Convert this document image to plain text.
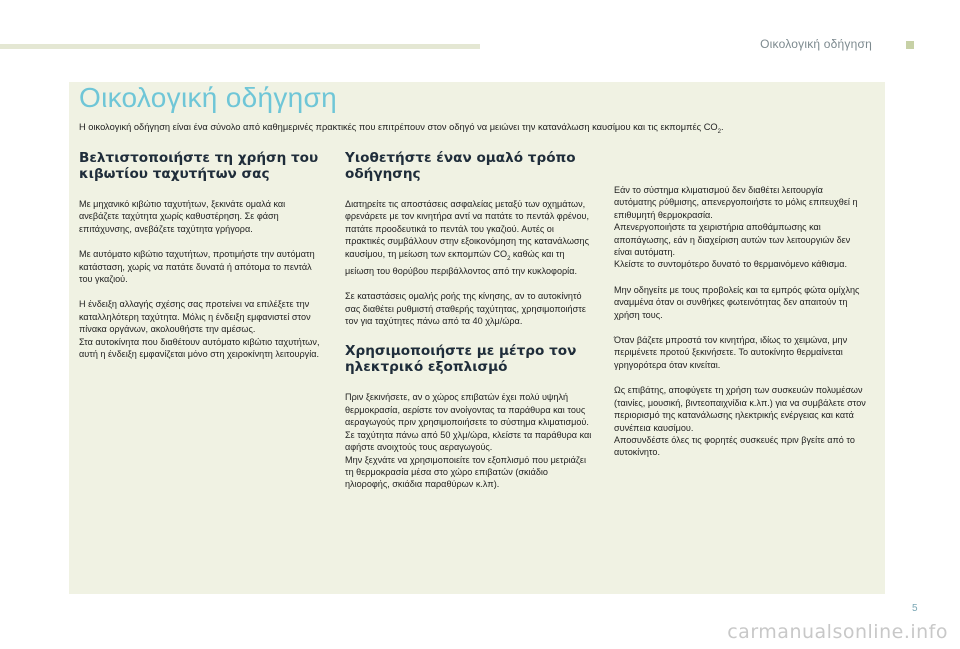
Οικολογική οδήγηση
Οικολογική οδήγηση
Η οικολογική οδήγηση είναι ένα σύνολο από καθημερινές πρακτικές που επιτρέπουν στον οδηγό να μειώνει την κατανάλωση καυσίμου και τις εκπομπές $CO_2$.
Βελτιστοποιήστε τη χρήση του κιβωτίου ταχυτήτων σας

Με μηχανικό κιβώτιο ταχυτήτων, ξεκινάτε ομαλά και ανεβάζετε ταχύτητα χωρίς καθυστέρηση. Σε φάση επιτάχυνσης, ανεβάζετε ταχύτητα γρήγορα.

Με αυτόματο κιβώτιο ταχυτήτων, προτιμήστε την αυτόματη κατάσταση, χωρίς να πατάτε δυνατά ή απότομα το πεντάλ του γκαζιού.

Η ένδειξη αλλαγής σχέσης σας προτείνει να επιλέξετε την καταλληλότερη ταχύτητα. Μόλις η ένδειξη εμφανιστεί στον πίνακα οργάνων, ακολουθήστε την αμέσως.
Στα αυτοκίνητα που διαθέτουν αυτόματο κιβώτιο ταχυτήτων, αυτή η ένδειξη εμφανίζεται μόνο στη χειροκίνητη λειτουργία.

Υιοθετήστε έναν ομαλό τρόπο οδήγησης

Διατηρείτε τις αποστάσεις ασφαλείας μεταξύ των οχημάτων, φρενάρετε με τον κινητήρα αντί να πατάτε το πεντάλ φρένου, πατάτε προοδευτικά το πεντάλ του γκαζιού. Αυτές οι πρακτικές συμβάλλουν στην εξοικονόμηση της κατανάλωσης καυσίμου, τη μείωση των εκπομπών $CO_2$ καθώς και τη μείωση του θορύβου περιβάλλοντος από την κυκλοφορία.

Σε καταστάσεις ομαλής ροής της κίνησης, αν το αυτοκίνητό σας διαθέτει ρυθμιστή σταθερής ταχύτητας, χρησιμοποιήστε τον για ταχύτητες πάνω από τα 40 χλμ/ώρα.

Χρησιμοποιήστε με μέτρο τον ηλεκτρικό εξοπλισμό

Πριν ξεκινήσετε, αν ο χώρος επιβατών έχει πολύ υψηλή θερμοκρασία, αερίστε τον ανοίγοντας τα παράθυρα και τους αεραγωγούς πριν χρησιμοποιήσετε το σύστημα κλιματισμού.
Σε ταχύτητα πάνω από 50 χλμ/ώρα, κλείστε τα παράθυρα και αφήστε ανοιχτούς τους αεραγωγούς.
Μην ξεχνάτε να χρησιμοποιείτε τον εξοπλισμό που μετριάζει τη θερμοκρασία μέσα στο χώρο επιβατών (σκιάδιο ηλιοροφής, σκιάδια παραθύρων κ.λπ).

Εάν το σύστημα κλιματισμού δεν διαθέτει λειτουργία αυτόματης ρύθμισης, απενεργοποιήστε το μόλις επιτευχθεί η επιθυμητή θερμοκρασία.
Απενεργοποιήστε τα χειριστήρια αποθάμπωσης και αποπάγωσης, εάν η διαχείριση αυτών των λειτουργιών δεν είναι αυτόματη.
Κλείστε το συντομότερο δυνατό το θερμαινόμενο κάθισμα.

Μην οδηγείτε με τους προβολείς και τα εμπρός φώτα ομίχλης αναμμένα όταν οι συνθήκες φωτεινότητας δεν απαιτούν τη χρήση τους.

Όταν βάζετε μπροστά τον κινητήρα, ιδίως το χειμώνα, μην περιμένετε προτού ξεκινήσετε. Το αυτοκίνητο θερμαίνεται γρηγορότερα όταν κινείται.

Ως επιβάτης, αποφύγετε τη χρήση των συσκευών πολυμέσων (ταινίες, μουσική, βιντεοπαιχνίδια κ.λπ.) για να συμβάλετε στον περιορισμό της κατανάλωσης ηλεκτρικής ενέργειας και κατά συνέπεια καυσίμου.
Αποσυνδέστε όλες τις φορητές συσκευές πριν βγείτε από το αυτοκίνητο.

5
carmanualsonline.info
